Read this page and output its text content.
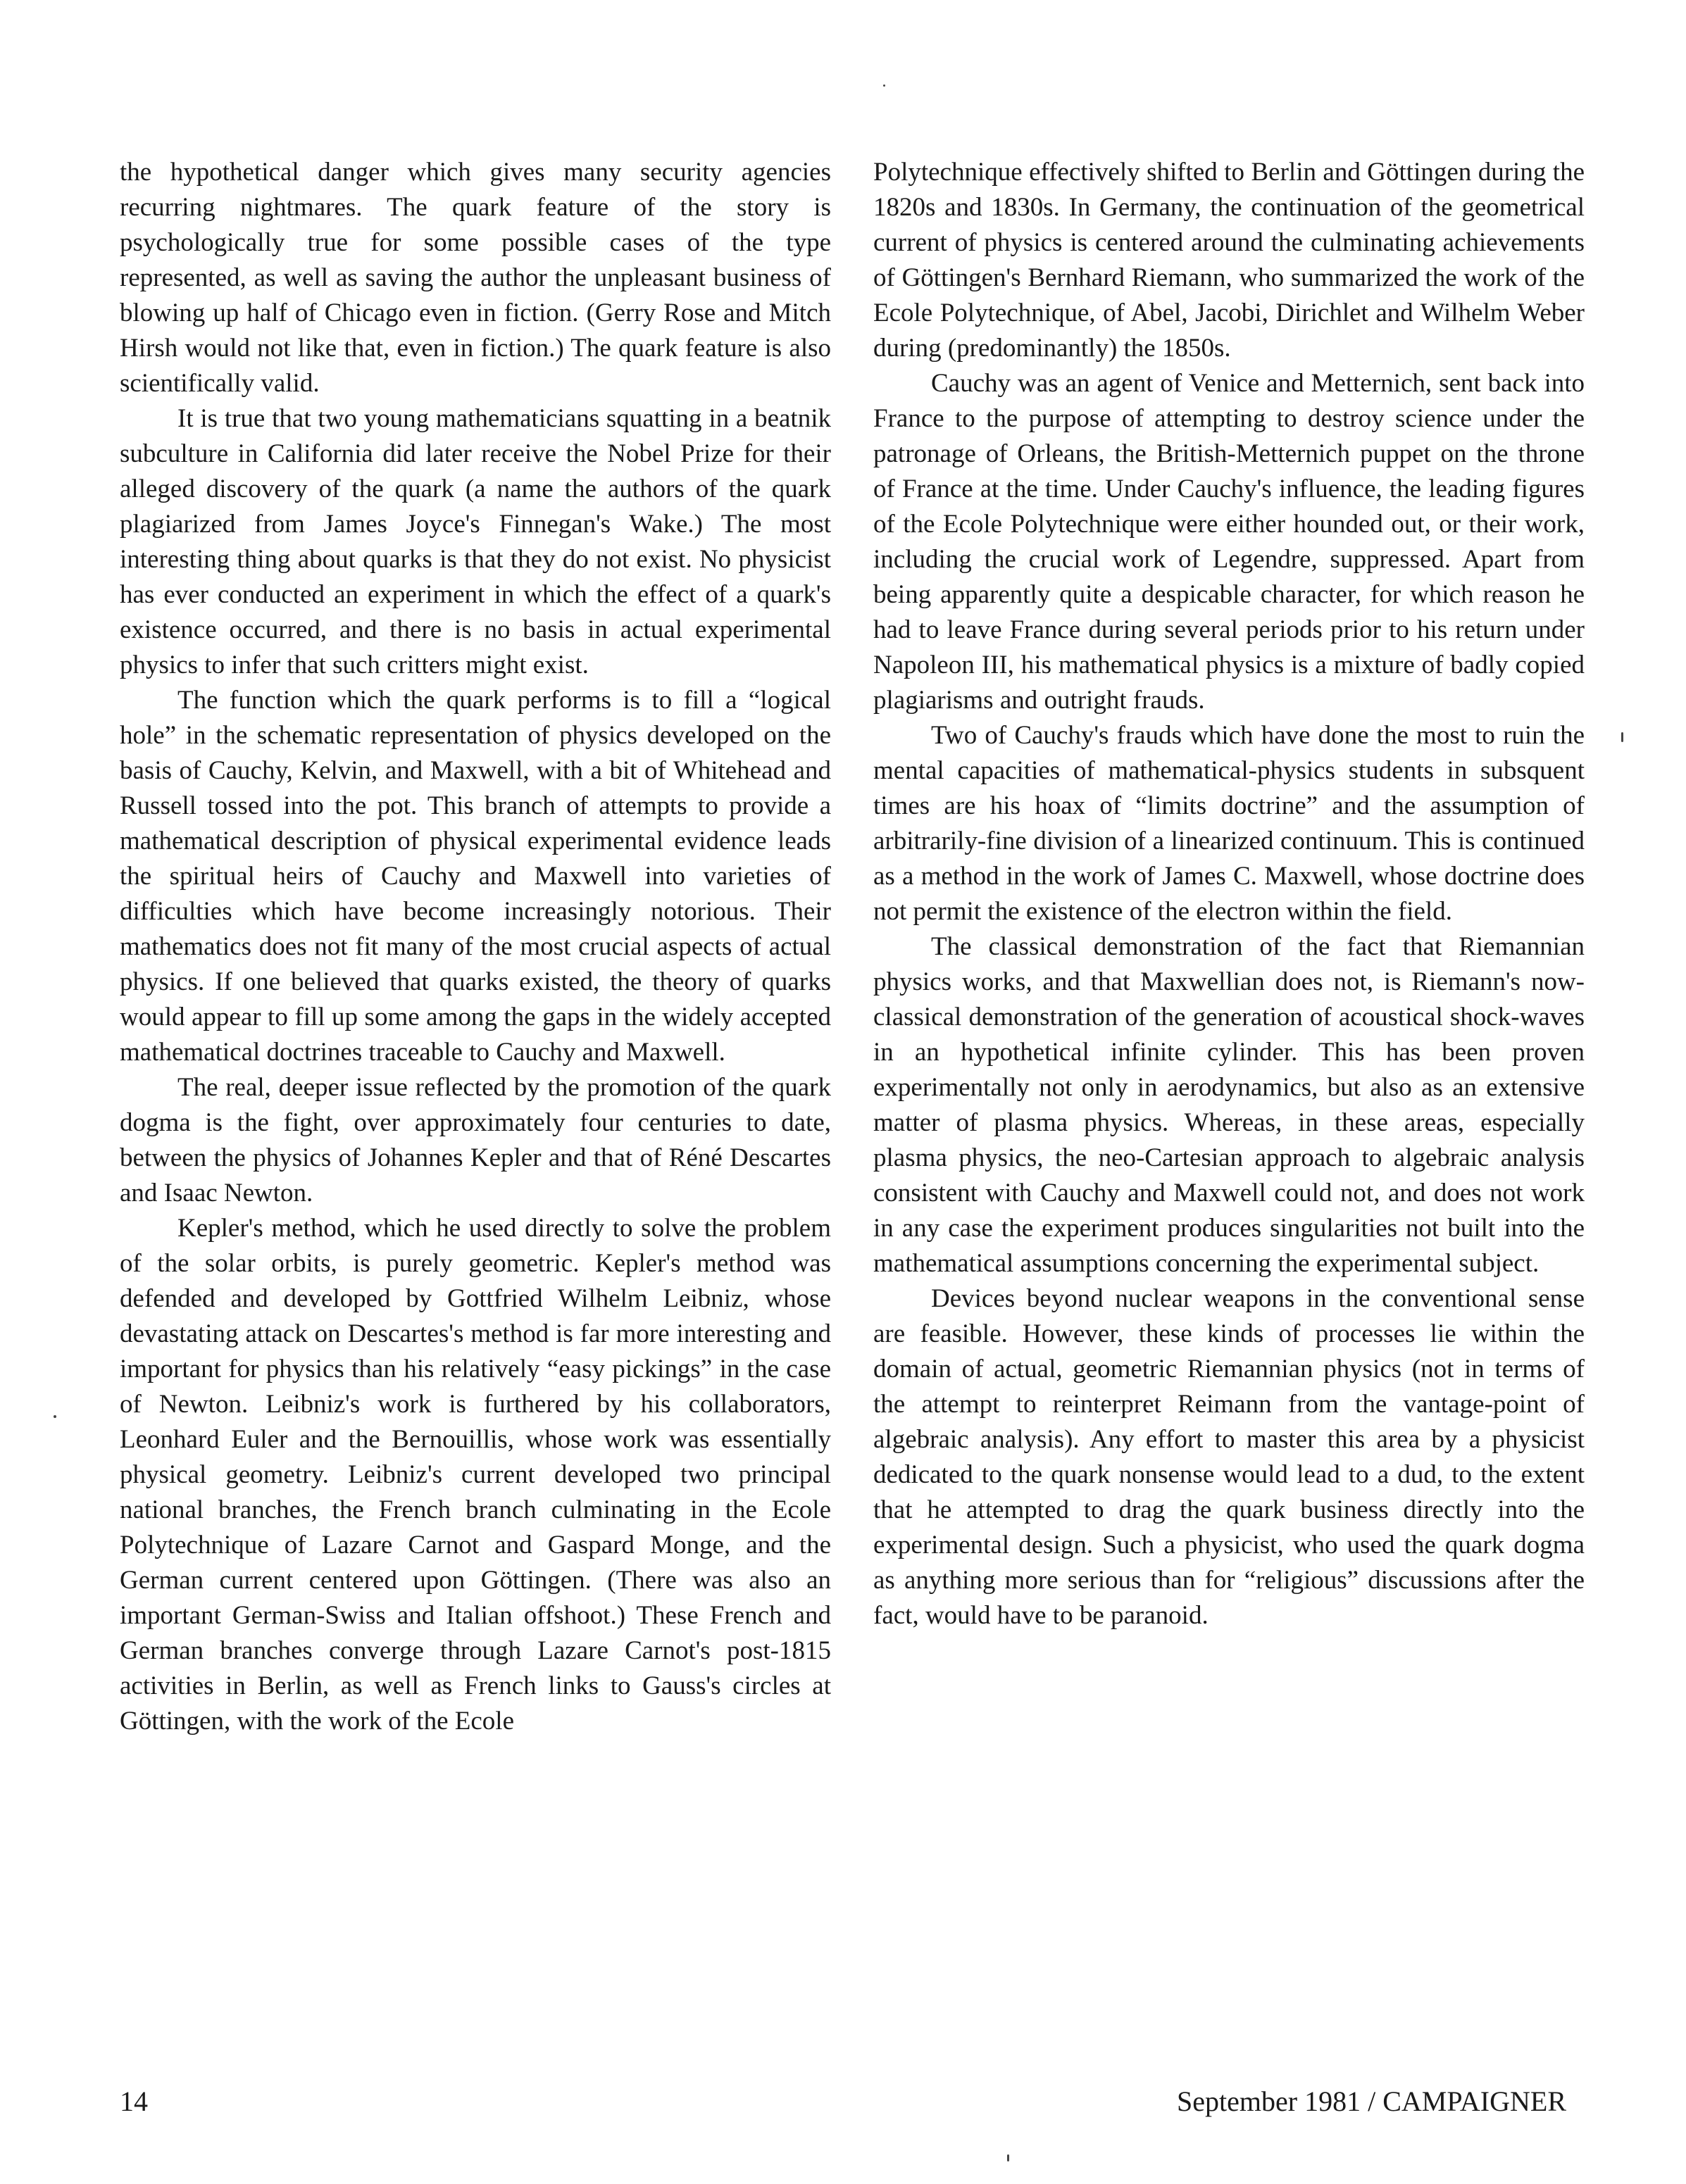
the hypothetical danger which gives many security agencies recurring nightmares. The quark feature of the story is psychologically true for some possible cases of the type represented, as well as saving the author the unpleasant business of blowing up half of Chicago even in fiction. (Gerry Rose and Mitch Hirsh would not like that, even in fiction.) The quark feature is also scientifically valid.

It is true that two young mathematicians squatting in a beatnik subculture in California did later receive the Nobel Prize for their alleged discovery of the quark (a name the authors of the quark plagiarized from James Joyce's Finnegan's Wake.) The most interesting thing about quarks is that they do not exist. No physicist has ever conducted an experiment in which the effect of a quark's existence occurred, and there is no basis in actual experimental physics to infer that such critters might exist.

The function which the quark performs is to fill a “logical hole” in the schematic representation of physics developed on the basis of Cauchy, Kelvin, and Maxwell, with a bit of Whitehead and Russell tossed into the pot. This branch of attempts to provide a mathematical description of physical experimental evidence leads the spiritual heirs of Cauchy and Maxwell into varieties of difficulties which have become increasingly notorious. Their mathematics does not fit many of the most crucial aspects of actual physics. If one believed that quarks existed, the theory of quarks would appear to fill up some among the gaps in the widely accepted mathematical doctrines traceable to Cauchy and Maxwell.

The real, deeper issue reflected by the promotion of the quark dogma is the fight, over approximately four centuries to date, between the physics of Johannes Kepler and that of Réné Descartes and Isaac Newton.

Kepler's method, which he used directly to solve the problem of the solar orbits, is purely geometric. Kepler's method was defended and developed by Gottfried Wilhelm Leibniz, whose devastating attack on Descartes's method is far more interesting and important for physics than his relatively “easy pickings” in the case of Newton. Leibniz's work is furthered by his collaborators, Leonhard Euler and the Bernouillis, whose work was essentially physical geometry. Leibniz's current developed two principal national branches, the French branch culminating in the Ecole Polytechnique of Lazare Carnot and Gaspard Monge, and the German current centered upon Göttingen. (There was also an important German-Swiss and Italian offshoot.) These French and German branches converge through Lazare Carnot's post-1815 activities in Berlin, as well as French links to Gauss's circles at Göttingen, with the work of the Ecole

Polytechnique effectively shifted to Berlin and Göttingen during the 1820s and 1830s. In Germany, the continuation of the geometrical current of physics is centered around the culminating achievements of Göttingen's Bernhard Riemann, who summarized the work of the Ecole Polytechnique, of Abel, Jacobi, Dirichlet and Wilhelm Weber during (predominantly) the 1850s.

Cauchy was an agent of Venice and Metternich, sent back into France to the purpose of attempting to destroy science under the patronage of Orleans, the British-Metternich puppet on the throne of France at the time. Under Cauchy's influence, the leading figures of the Ecole Polytechnique were either hounded out, or their work, including the crucial work of Legendre, suppressed. Apart from being apparently quite a despicable character, for which reason he had to leave France during several periods prior to his return under Napoleon III, his mathematical physics is a mixture of badly copied plagiarisms and outright frauds.

Two of Cauchy's frauds which have done the most to ruin the mental capacities of mathematical-physics students in subsquent times are his hoax of “limits doctrine” and the assumption of arbitrarily-fine division of a linearized continuum. This is continued as a method in the work of James C. Maxwell, whose doctrine does not permit the existence of the electron within the field.

The classical demonstration of the fact that Riemannian physics works, and that Maxwellian does not, is Riemann's now-classical demonstration of the generation of acoustical shock-waves in an hypothetical infinite cylinder. This has been proven experimentally not only in aerodynamics, but also as an extensive matter of plasma physics. Whereas, in these areas, especially plasma physics, the neo-Cartesian approach to algebraic analysis consistent with Cauchy and Maxwell could not, and does not work in any case the experiment produces singularities not built into the mathematical assumptions concerning the experimental subject.

Devices beyond nuclear weapons in the conventional sense are feasible. However, these kinds of processes lie within the domain of actual, geometric Riemannian physics (not in terms of the attempt to reinterpret Reimann from the vantage-point of algebraic analysis). Any effort to master this area by a physicist dedicated to the quark nonsense would lead to a dud, to the extent that he attempted to drag the quark business directly into the experimental design. Such a physicist, who used the quark dogma as anything more serious than for “religious” discussions after the fact, would have to be paranoid.

14	September 1981 / CAMPAIGNER
